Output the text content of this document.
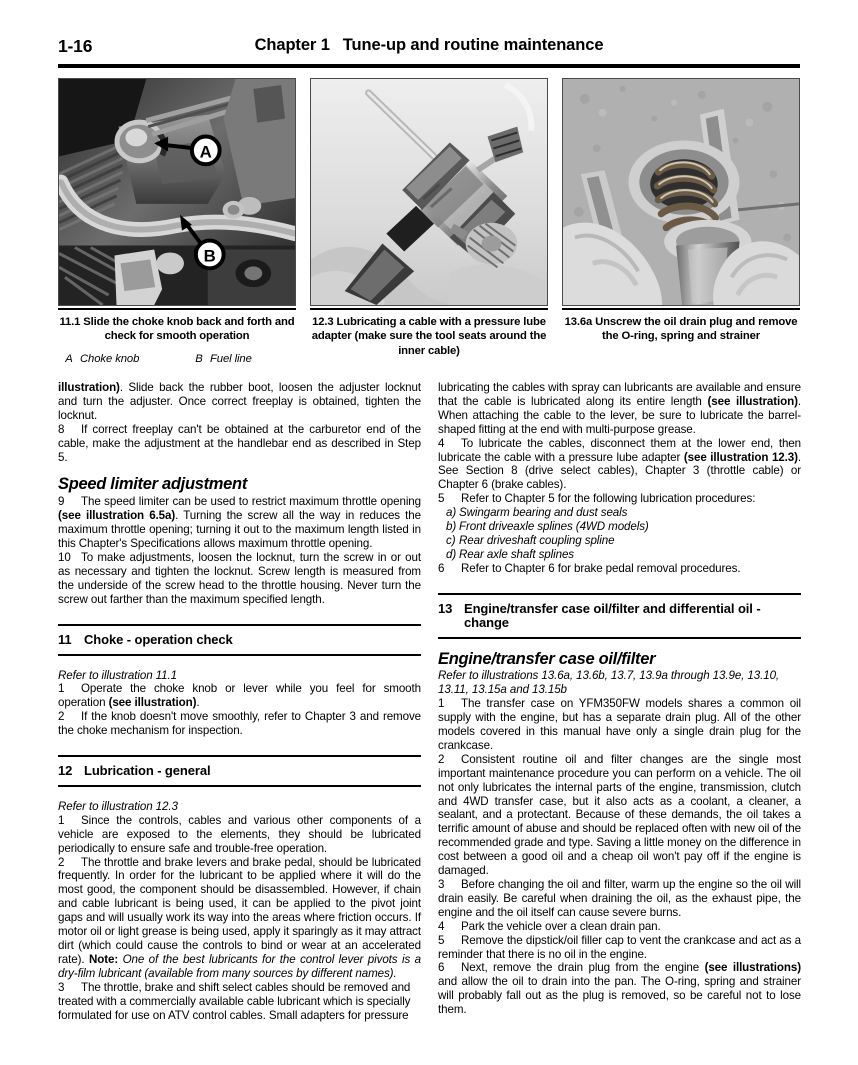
1-16	Chapter 1 Tune-up and routine maintenance
A
B
11.1 Slide the choke knob back and forth and check for smooth operation
A Choke knob	B Fuel line
12.3 Lubricating a cable with a pressure lube adapter (make sure the tool seats around the inner cable)
13.6a Unscrew the oil drain plug and remove the O-ring, spring and strainer

illustration). Slide back the rubber boot, loosen the adjuster locknut and turn the adjuster. Once correct freeplay is obtained, tighten the locknut.

8 If correct freeplay can't be obtained at the carburetor end of the cable, make the adjustment at the handlebar end as described in Step 5.

Speed limiter adjustment

9 The speed limiter can be used to restrict maximum throttle opening (see illustration 6.5a). Turning the screw all the way in reduces the maximum throttle opening; turning it out to the maximum length listed in this Chapter's Specifications allows maximum throttle opening.

10 To make adjustments, loosen the locknut, turn the screw in or out as necessary and tighten the locknut. Screw length is measured from the underside of the screw head to the throttle housing. Never turn the screw out farther than the maximum specified length.

11 Choke - operation check

Refer to illustration 11.1

1 Operate the choke knob or lever while you feel for smooth operation (see illustration).

2 If the knob doesn't move smoothly, refer to Chapter 3 and remove the choke mechanism for inspection.

12 Lubrication - general

Refer to illustration 12.3

1 Since the controls, cables and various other components of a vehicle are exposed to the elements, they should be lubricated periodically to ensure safe and trouble-free operation.

2 The throttle and brake levers and brake pedal, should be lubricated frequently. In order for the lubricant to be applied where it will do the most good, the component should be disassembled. However, if chain and cable lubricant is being used, it can be applied to the pivot joint gaps and will usually work its way into the areas where friction occurs. If motor oil or light grease is being used, apply it sparingly as it may attract dirt (which could cause the controls to bind or wear at an accelerated rate). Note: One of the best lubricants for the control lever pivots is a dry-film lubricant (available from many sources by different names).

3 The throttle, brake and shift select cables should be removed and treated with a commercially available cable lubricant which is specially formulated for use on ATV control cables. Small adapters for pressure

lubricating the cables with spray can lubricants are available and ensure that the cable is lubricated along its entire length (see illustration). When attaching the cable to the lever, be sure to lubricate the barrel-shaped fitting at the end with multi-purpose grease.

4 To lubricate the cables, disconnect them at the lower end, then lubricate the cable with a pressure lube adapter (see illustration 12.3). See Section 8 (drive select cables), Chapter 3 (throttle cable) or Chapter 6 (brake cables).

5 Refer to Chapter 5 for the following lubrication procedures:

a) Swingarm bearing and dust seals
b) Front driveaxle splines (4WD models)
c) Rear driveshaft coupling spline
d) Rear axle shaft splines

6 Refer to Chapter 6 for brake pedal removal procedures.

13 Engine/transfer case oil/filter and differential oil -
change
Engine/transfer case oil/filter

Refer to illustrations 13.6a, 13.6b, 13.7, 13.9a through 13.9e, 13.10,

13.11, 13.15a and 13.15b

1 The transfer case on YFM350FW models shares a common oil supply with the engine, but has a separate drain plug. All of the other models covered in this manual have only a single drain plug for the crankcase.

2 Consistent routine oil and filter changes are the single most important maintenance procedure you can perform on a vehicle. The oil not only lubricates the internal parts of the engine, transmission, clutch and 4WD transfer case, but it also acts as a coolant, a cleaner, a sealant, and a protectant. Because of these demands, the oil takes a terrific amount of abuse and should be replaced often with new oil of the recommended grade and type. Saving a little money on the difference in cost between a good oil and a cheap oil won't pay off if the engine is damaged.

3 Before changing the oil and filter, warm up the engine so the oil will drain easily. Be careful when draining the oil, as the exhaust pipe, the engine and the oil itself can cause severe burns.

4 Park the vehicle over a clean drain pan.

5 Remove the dipstick/oil filler cap to vent the crankcase and act as a reminder that there is no oil in the engine.

6 Next, remove the drain plug from the engine (see illustrations) and allow the oil to drain into the pan. The O-ring, spring and strainer will probably fall out as the plug is removed, so be careful not to lose them.
